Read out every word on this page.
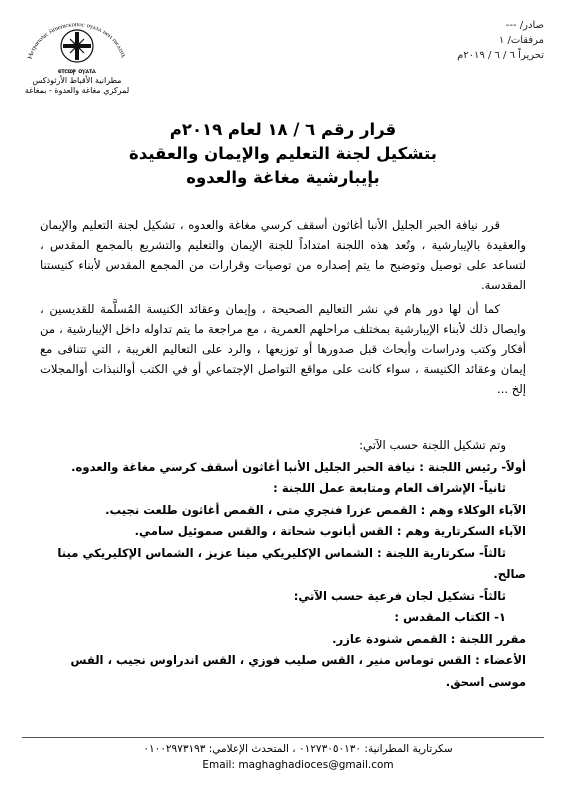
Ⲙⲉⲧⲣⲟⲡⲟⲗⲓⲥ ⲙ̀ⲡⲓⲉⲡⲓⲥⲕⲟⲡⲟⲥ ⲟⲩⲁⲧⲁ ⲛⲉⲙ ⲡⲓⲥⲁⲍⲏⲗ
ⲉⲧⲥⲱⲣ ⲟⲩⲁⲧⲁ
مطرانية الأقباط الأرثوذكس
لمركزي مغاغة والعدوة - بمغاغة
صادر/ ---
مرفقات/ ١
تحريراً ٦ / ٦ / ٢٠١٩م
قرار رقم ٦ / ١٨ لعام ٢٠١٩م
بتشكيل لجنة التعليم والإيمان والعقيدة
بإيبارشية مغاغة والعدوه

قرر نيافة الحبر الجليل الأنبا أغاثون أسقف كرسي مغاغة والعدوه ، تشكيل لجنة التعليم والإيمان والعقيدة بالإيبارشية ، وتُعد هذه اللجنة امتداداً للجنة الإيمان والتعليم والتشريع بالمجمع المقدس ، لتساعد على توصيل وتوضيح ما يتم إصداره من توصيات وقرارات من المجمع المقدس لأبناء كنيستنا المقدسة.

كما أن لها دور هام في نشر التعاليم الصحيحة ، وإيمان وعقائد الكنيسة المُسلَّمة للقديسين ، وايصال ذلك لأبناء الإيبارشية بمختلف مراحلهم العمرية ، مع مراجعة ما يتم تداوله داخل الإيبارشية ، من أفكار وكتب ودراسات وأبحاث قبل صدورها أو توزيعها ، والرد على التعاليم الغريبة ، التي تتنافى مع إيمان وعقائد الكنيسة ، سواء كانت على مواقع التواصل الإجتماعي أو في الكتب أوالنبذات أوالمجلات إلخ ...

وتم تشكيل اللجنة حسب الآتي:
أولاً- رئيس اللجنة : نيافة الحبر الجليل الأنبا أغاثون أسقف كرسي مغاغة والعدوه.
ثانياً- الإشراف العام ومتابعة عمل اللجنة :
الآباء الوكلاء وهم : القمص عزرا فنجري متى ، القمص أغاثون طلعت نجيب.
الآباء السكرتارية وهم : القس أبانوب شحاتة ، والقس صموئيل سامي.
ثالثاً- سكرتارية اللجنة : الشماس الإكليريكي مينا عزيز ، الشماس الإكليريكي مينا
صالح.
ثالثاً- تشكيل لجان فرعية حسب الآتي:
١- الكتاب المقدس :
مقرر اللجنة : القمص شنودة عازر.
الأعضاء : القس توماس منير ، القس صليب فوزي ، القس اندراوس نجيب ، القس
موسى اسحق.
سكرتارية المطرانية: ٠١٢٧٣٠٥٠١٣٠ ، المتحدث الإعلامي: ٠١٠٠٢٩٧٣١٩٣
Email: maghaghadioces@gmail.com
